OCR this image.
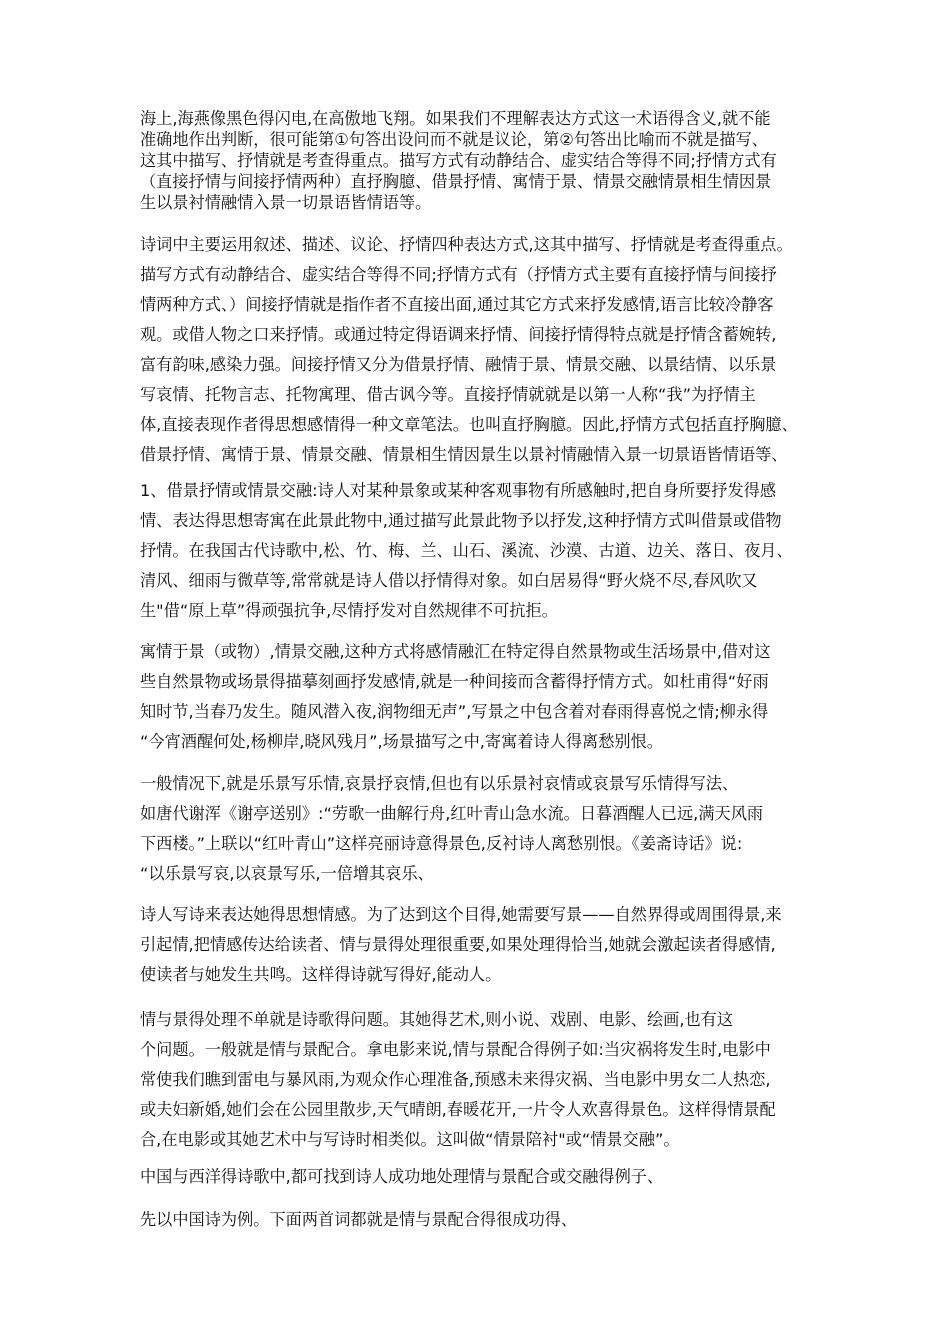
海上,海燕像黑色得闪电,在高傲地飞翔。如果我们不理解表达方式这一术语得含义,就不能
准确地作出判断，很可能第①句答出设问而不就是议论，第②句答出比喻而不就是描写、
这其中描写、抒情就是考查得重点。描写方式有动静结合、虚实结合等得不同;抒情方式有
（直接抒情与间接抒情两种）直抒胸臆、借景抒情、寓情于景、情景交融情景相生情因景
生以景衬情融情入景一切景语皆情语等。
诗词中主要运用叙述、描述、议论、抒情四种表达方式,这其中描写、抒情就是考查得重点。
描写方式有动静结合、虚实结合等得不同;抒情方式有（抒情方式主要有直接抒情与间接抒
情两种方式、）间接抒情就是指作者不直接出面,通过其它方式来抒发感情,语言比较冷静客
观。或借人物之口来抒情。或通过特定得语调来抒情、间接抒情得特点就是抒情含蓄婉转,
富有韵味,感染力强。间接抒情又分为借景抒情、融情于景、情景交融、以景结情、以乐景
写哀情、托物言志、托物寓理、借古讽今等。直接抒情就就是以第一人称“我”为抒情主
体,直接表现作者得思想感情得一种文章笔法。也叫直抒胸臆。因此,抒情方式包括直抒胸臆、
借景抒情、寓情于景、情景交融、情景相生情因景生以景衬情融情入景一切景语皆情语等、
1、借景抒情或情景交融:诗人对某种景象或某种客观事物有所感触时,把自身所要抒发得感
情、表达得思想寄寓在此景此物中,通过描写此景此物予以抒发,这种抒情方式叫借景或借物
抒情。在我国古代诗歌中,松、竹、梅、兰、山石、溪流、沙漠、古道、边关、落日、夜月、
清风、细雨与微草等,常常就是诗人借以抒情得对象。如白居易得“野火烧不尽,春风吹又
生"借“原上草”得顽强抗争,尽情抒发对自然规律不可抗拒。
寓情于景（或物）,情景交融,这种方式将感情融汇在特定得自然景物或生活场景中,借对这
些自然景物或场景得描摹刻画抒发感情,就是一种间接而含蓄得抒情方式。如杜甫得“好雨
知时节,当春乃发生。随风潜入夜,润物细无声”,写景之中包含着对春雨得喜悦之情;柳永得
“今宵酒醒何处,杨柳岸,晓风残月”,场景描写之中,寄寓着诗人得离愁别恨。
一般情况下,就是乐景写乐情,哀景抒哀情,但也有以乐景衬哀情或哀景写乐情得写法、
如唐代谢浑《谢亭送别》:“劳歌一曲解行舟,红叶青山急水流。日暮酒醒人已远,满天风雨
下西楼。”上联以“红叶青山”这样亮丽诗意得景色,反衬诗人离愁别恨。《姜斋诗话》说:
“以乐景写哀,以哀景写乐,一倍增其哀乐、
诗人写诗来表达她得思想情感。为了达到这个目得,她需要写景——自然界得或周围得景,来
引起情,把情感传达给读者、情与景得处理很重要,如果处理得恰当,她就会激起读者得感情,
使读者与她发生共鸣。这样得诗就写得好,能动人。
情与景得处理不单就是诗歌得问题。其她得艺术,则小说、戏剧、电影、绘画,也有这
个问题。一般就是情与景配合。拿电影来说,情与景配合得例子如:当灾祸将发生时,电影中
常使我们瞧到雷电与暴风雨,为观众作心理准备,预感未来得灾祸、当电影中男女二人热恋,
或夫妇新婚,她们会在公园里散步,天气晴朗,春暖花开,一片令人欢喜得景色。这样得情景配
合,在电影或其她艺术中与写诗时相类似。这叫做“情景陪衬"或“情景交融”。
中国与西洋得诗歌中,都可找到诗人成功地处理情与景配合或交融得例子、
先以中国诗为例。下面两首词都就是情与景配合得很成功得、
